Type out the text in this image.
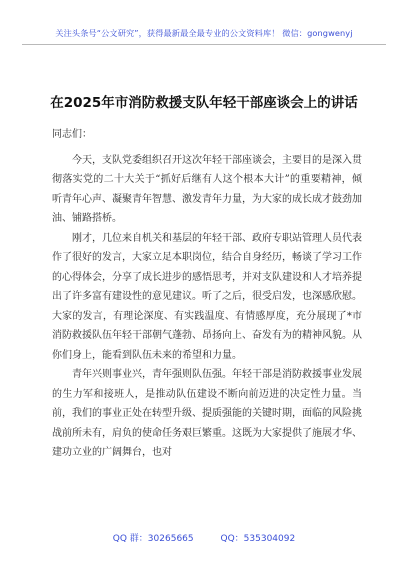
关注头条号“公文研究”，获得最新最全最专业的公文资料库！ 微信：gongwenyj
在2025年市消防救援支队年轻干部座谈会上的讲话

同志们：

今天，支队党委组织召开这次年轻干部座谈会，主要目的是深入贯彻落实党的二十大关于“抓好后继有人这个根本大计”的重要精神，倾听青年心声、凝聚青年智慧、激发青年力量，为大家的成长成才鼓劲加油、铺路搭桥。

刚才，几位来自机关和基层的年轻干部、政府专职站管理人员代表作了很好的发言，大家立足本职岗位，结合自身经历，畅谈了学习工作的心得体会，分享了成长进步的感悟思考，并对支队建设和人才培养提出了许多富有建设性的意见建议。听了之后，很受启发，也深感欣慰。大家的发言，有理论深度、有实践温度、有情感厚度，充分展现了*市消防救援队伍年轻干部朝气蓬勃、昂扬向上、奋发有为的精神风貌。从你们身上，能看到队伍未来的希望和力量。

青年兴则事业兴，青年强则队伍强。年轻干部是消防救援事业发展的生力军和接班人，是推动队伍建设不断向前迈进的决定性力量。当前，我们的事业正处在转型升级、提质强能的关键时期，面临的风险挑战前所未有，肩负的使命任务艰巨繁重。这既为大家提供了施展才华、建功立业的广阔舞台，也对

QQ 群：30265665	QQ：535304092
